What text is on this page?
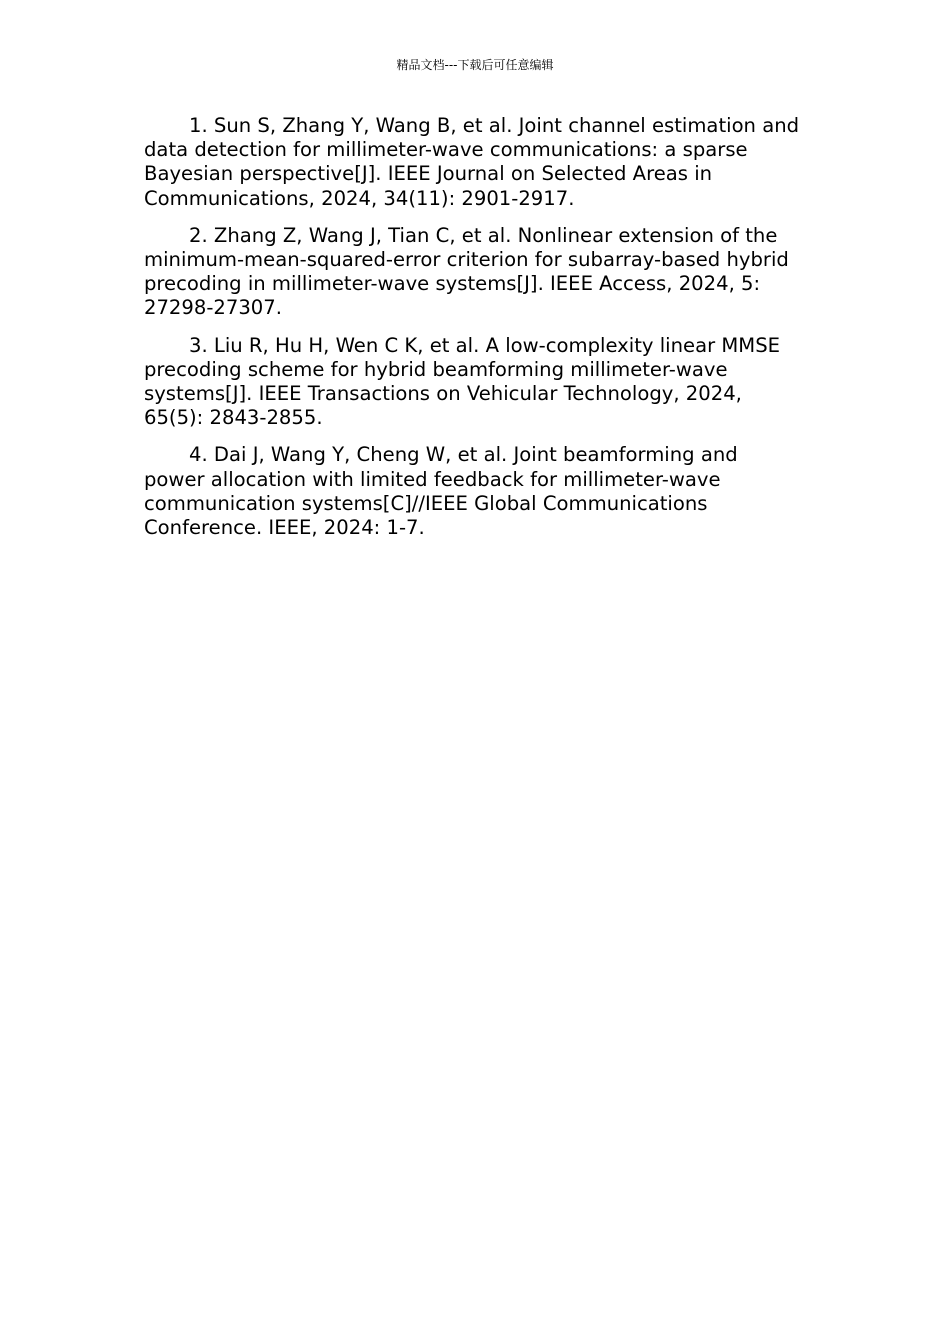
精品文档---下载后可任意编辑

1. Sun S, Zhang Y, Wang B, et al. Joint channel estimation and data detection for millimeter-wave communications: a sparse Bayesian perspective[J]. IEEE Journal on Selected Areas in Communications, 2024, 34(11): 2901-2917.

2. Zhang Z, Wang J, Tian C, et al. Nonlinear extension of the minimum-mean-squared-error criterion for subarray-based hybrid precoding in millimeter-wave systems[J]. IEEE Access, 2024, 5: 27298-27307.

3. Liu R, Hu H, Wen C K, et al. A low-complexity linear MMSE precoding scheme for hybrid beamforming millimeter-wave systems[J]. IEEE Transactions on Vehicular Technology, 2024, 65(5): 2843-2855.

4. Dai J, Wang Y, Cheng W, et al. Joint beamforming and power allocation with limited feedback for millimeter-wave communication systems[C]//IEEE Global Communications Conference. IEEE, 2024: 1-7.
